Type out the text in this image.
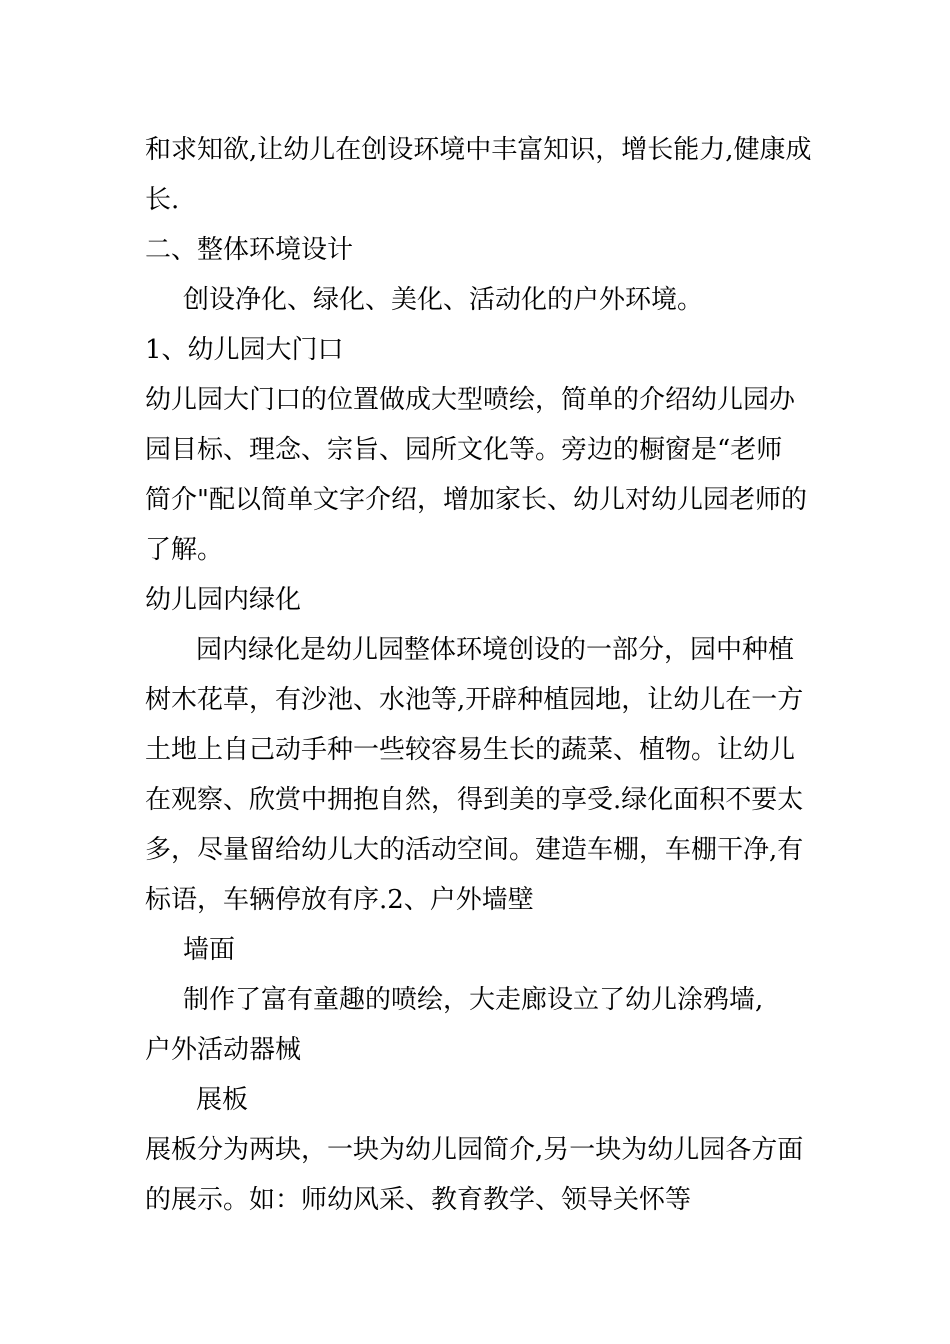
和求知欲,让幼儿在创设环境中丰富知识，增长能力,健康成

长.

二、整体环境设计

创设净化、绿化、美化、活动化的户外环境。

1、幼儿园大门口

幼儿园大门口的位置做成大型喷绘，简单的介绍幼儿园办

园目标、理念、宗旨、园所文化等。旁边的橱窗是“老师

简介"配以简单文字介绍，增加家长、幼儿对幼儿园老师的

了解。

幼儿园内绿化

园内绿化是幼儿园整体环境创设的一部分，园中种植

树木花草，有沙池、水池等,开辟种植园地，让幼儿在一方

土地上自己动手种一些较容易生长的蔬菜、植物。让幼儿

在观察、欣赏中拥抱自然，得到美的享受.绿化面积不要太

多，尽量留给幼儿大的活动空间。建造车棚，车棚干净,有

标语，车辆停放有序.2、户外墙壁

墙面

制作了富有童趣的喷绘，大走廊设立了幼儿涂鸦墙,

户外活动器械

展板

展板分为两块，一块为幼儿园简介,另一块为幼儿园各方面

的展示。如：师幼风采、教育教学、领导关怀等
